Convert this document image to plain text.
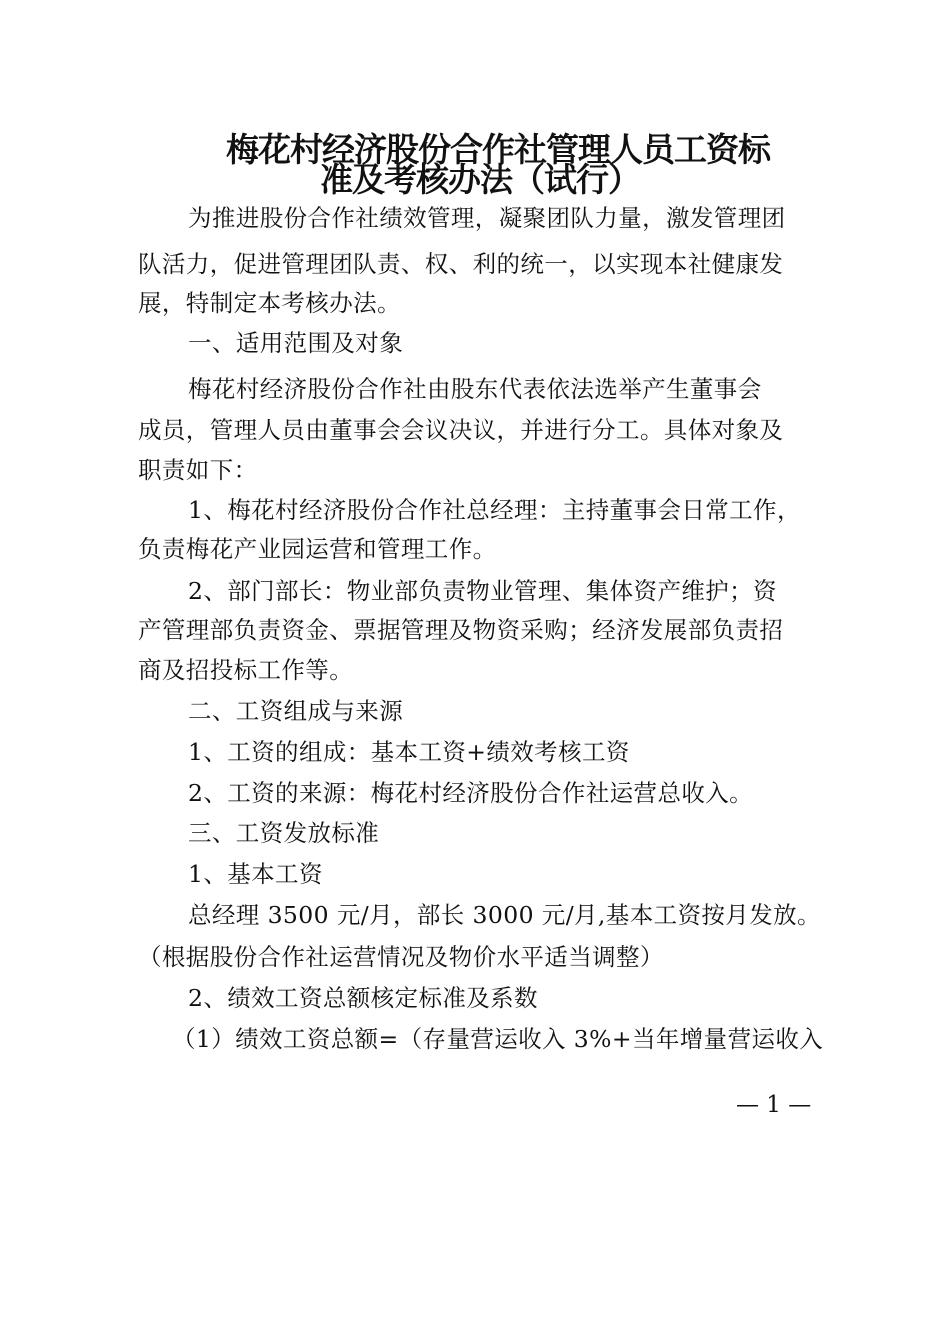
梅花村经济股份合作社管理人员工资标
准及考核办法（试行）
为推进股份合作社绩效管理，凝聚团队力量，激发管理团
队活力，促进管理团队责、权、利的统一，以实现本社健康发
展，特制定本考核办法。
一、适用范围及对象
梅花村经济股份合作社由股东代表依法选举产生董事会
成员，管理人员由董事会会议决议，并进行分工。具体对象及
职责如下：
1、梅花村经济股份合作社总经理：主持董事会日常工作，
负责梅花产业园运营和管理工作。
2、部门部长：物业部负责物业管理、集体资产维护；资
产管理部负责资金、票据管理及物资采购；经济发展部负责招
商及招投标工作等。
二、工资组成与来源
1、工资的组成：基本工资+绩效考核工资
2、工资的来源：梅花村经济股份合作社运营总收入。
三、工资发放标准
1、基本工资
总经理 3500 元/月，部长 3000 元/月,基本工资按月发放。
（根据股份合作社运营情况及物价水平适当调整）
2、绩效工资总额核定标准及系数
（1）绩效工资总额=（存量营运收入 3%+当年增量营运收入
— 1 —
